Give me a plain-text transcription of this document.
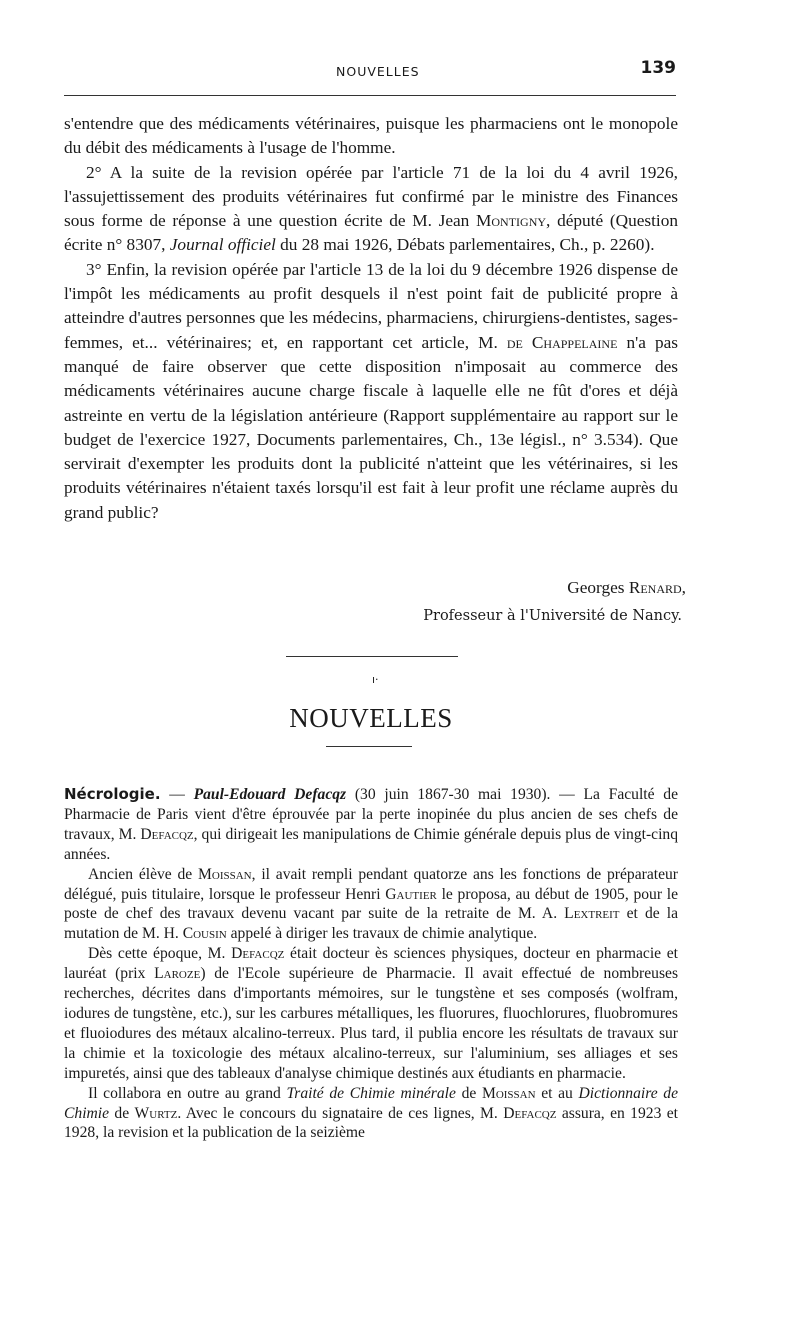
NOUVELLES	139

s'entendre que des médicaments vétérinaires, puisque les pharmaciens ont le monopole du débit des médicaments à l'usage de l'homme.

2° A la suite de la revision opérée par l'article 71 de la loi du 4 avril 1926, l'assujettissement des produits vétérinaires fut confirmé par le ministre des Finances sous forme de réponse à une question écrite de M. Jean Montigny, député (Question écrite n° 8307, Journal officiel du 28 mai 1926, Débats parlementaires, Ch., p. 2260).

3° Enfin, la revision opérée par l'article 13 de la loi du 9 décembre 1926 dispense de l'impôt les médicaments au profit desquels il n'est point fait de publicité propre à atteindre d'autres personnes que les médecins, pharmaciens, chirurgiens-dentistes, sages-femmes, et... vétérinaires; et, en rapportant cet article, M. de Chappelaine n'a pas manqué de faire observer que cette disposition n'imposait au commerce des médicaments vétérinaires aucune charge fiscale à laquelle elle ne fût d'ores et déjà astreinte en vertu de la législation antérieure (Rapport supplémentaire au rapport sur le budget de l'exercice 1927, Documents parlementaires, Ch., 13e législ., n° 3.534). Que servirait d'exempter les produits dont la publicité n'atteint que les vétérinaires, si les produits vétérinaires n'étaient taxés lorsqu'il est fait à leur profit une réclame auprès du grand public?

Georges Renard,
Professeur à l'Université de Nancy.
ı·
NOUVELLES

Nécrologie. — Paul-Edouard Defacqz (30 juin 1867-30 mai 1930). — La Faculté de Pharmacie de Paris vient d'être éprouvée par la perte inopinée du plus ancien de ses chefs de travaux, M. Defacqz, qui dirigeait les manipulations de Chimie générale depuis plus de vingt-cinq années.

Ancien élève de Moissan, il avait rempli pendant quatorze ans les fonctions de préparateur délégué, puis titulaire, lorsque le professeur Henri Gautier le proposa, au début de 1905, pour le poste de chef des travaux devenu vacant par suite de la retraite de M. A. Lextreit et de la mutation de M. H. Cousin appelé à diriger les travaux de chimie analytique.

Dès cette époque, M. Defacqz était docteur ès sciences physiques, docteur en pharmacie et lauréat (prix Laroze) de l'Ecole supérieure de Pharmacie. Il avait effectué de nombreuses recherches, décrites dans d'importants mémoires, sur le tungstène et ses composés (wolfram, iodures de tungstène, etc.), sur les carbures métalliques, les fluorures, fluochlorures, fluobromures et fluoiodures des métaux alcalino-terreux. Plus tard, il publia encore les résultats de travaux sur la chimie et la toxicologie des métaux alcalino-terreux, sur l'aluminium, ses alliages et ses impuretés, ainsi que des tableaux d'analyse chimique destinés aux étudiants en pharmacie.

Il collabora en outre au grand Traité de Chimie minérale de Moissan et au Dictionnaire de Chimie de Wurtz. Avec le concours du signataire de ces lignes, M. Defacqz assura, en 1923 et 1928, la revision et la publication de la seizième
